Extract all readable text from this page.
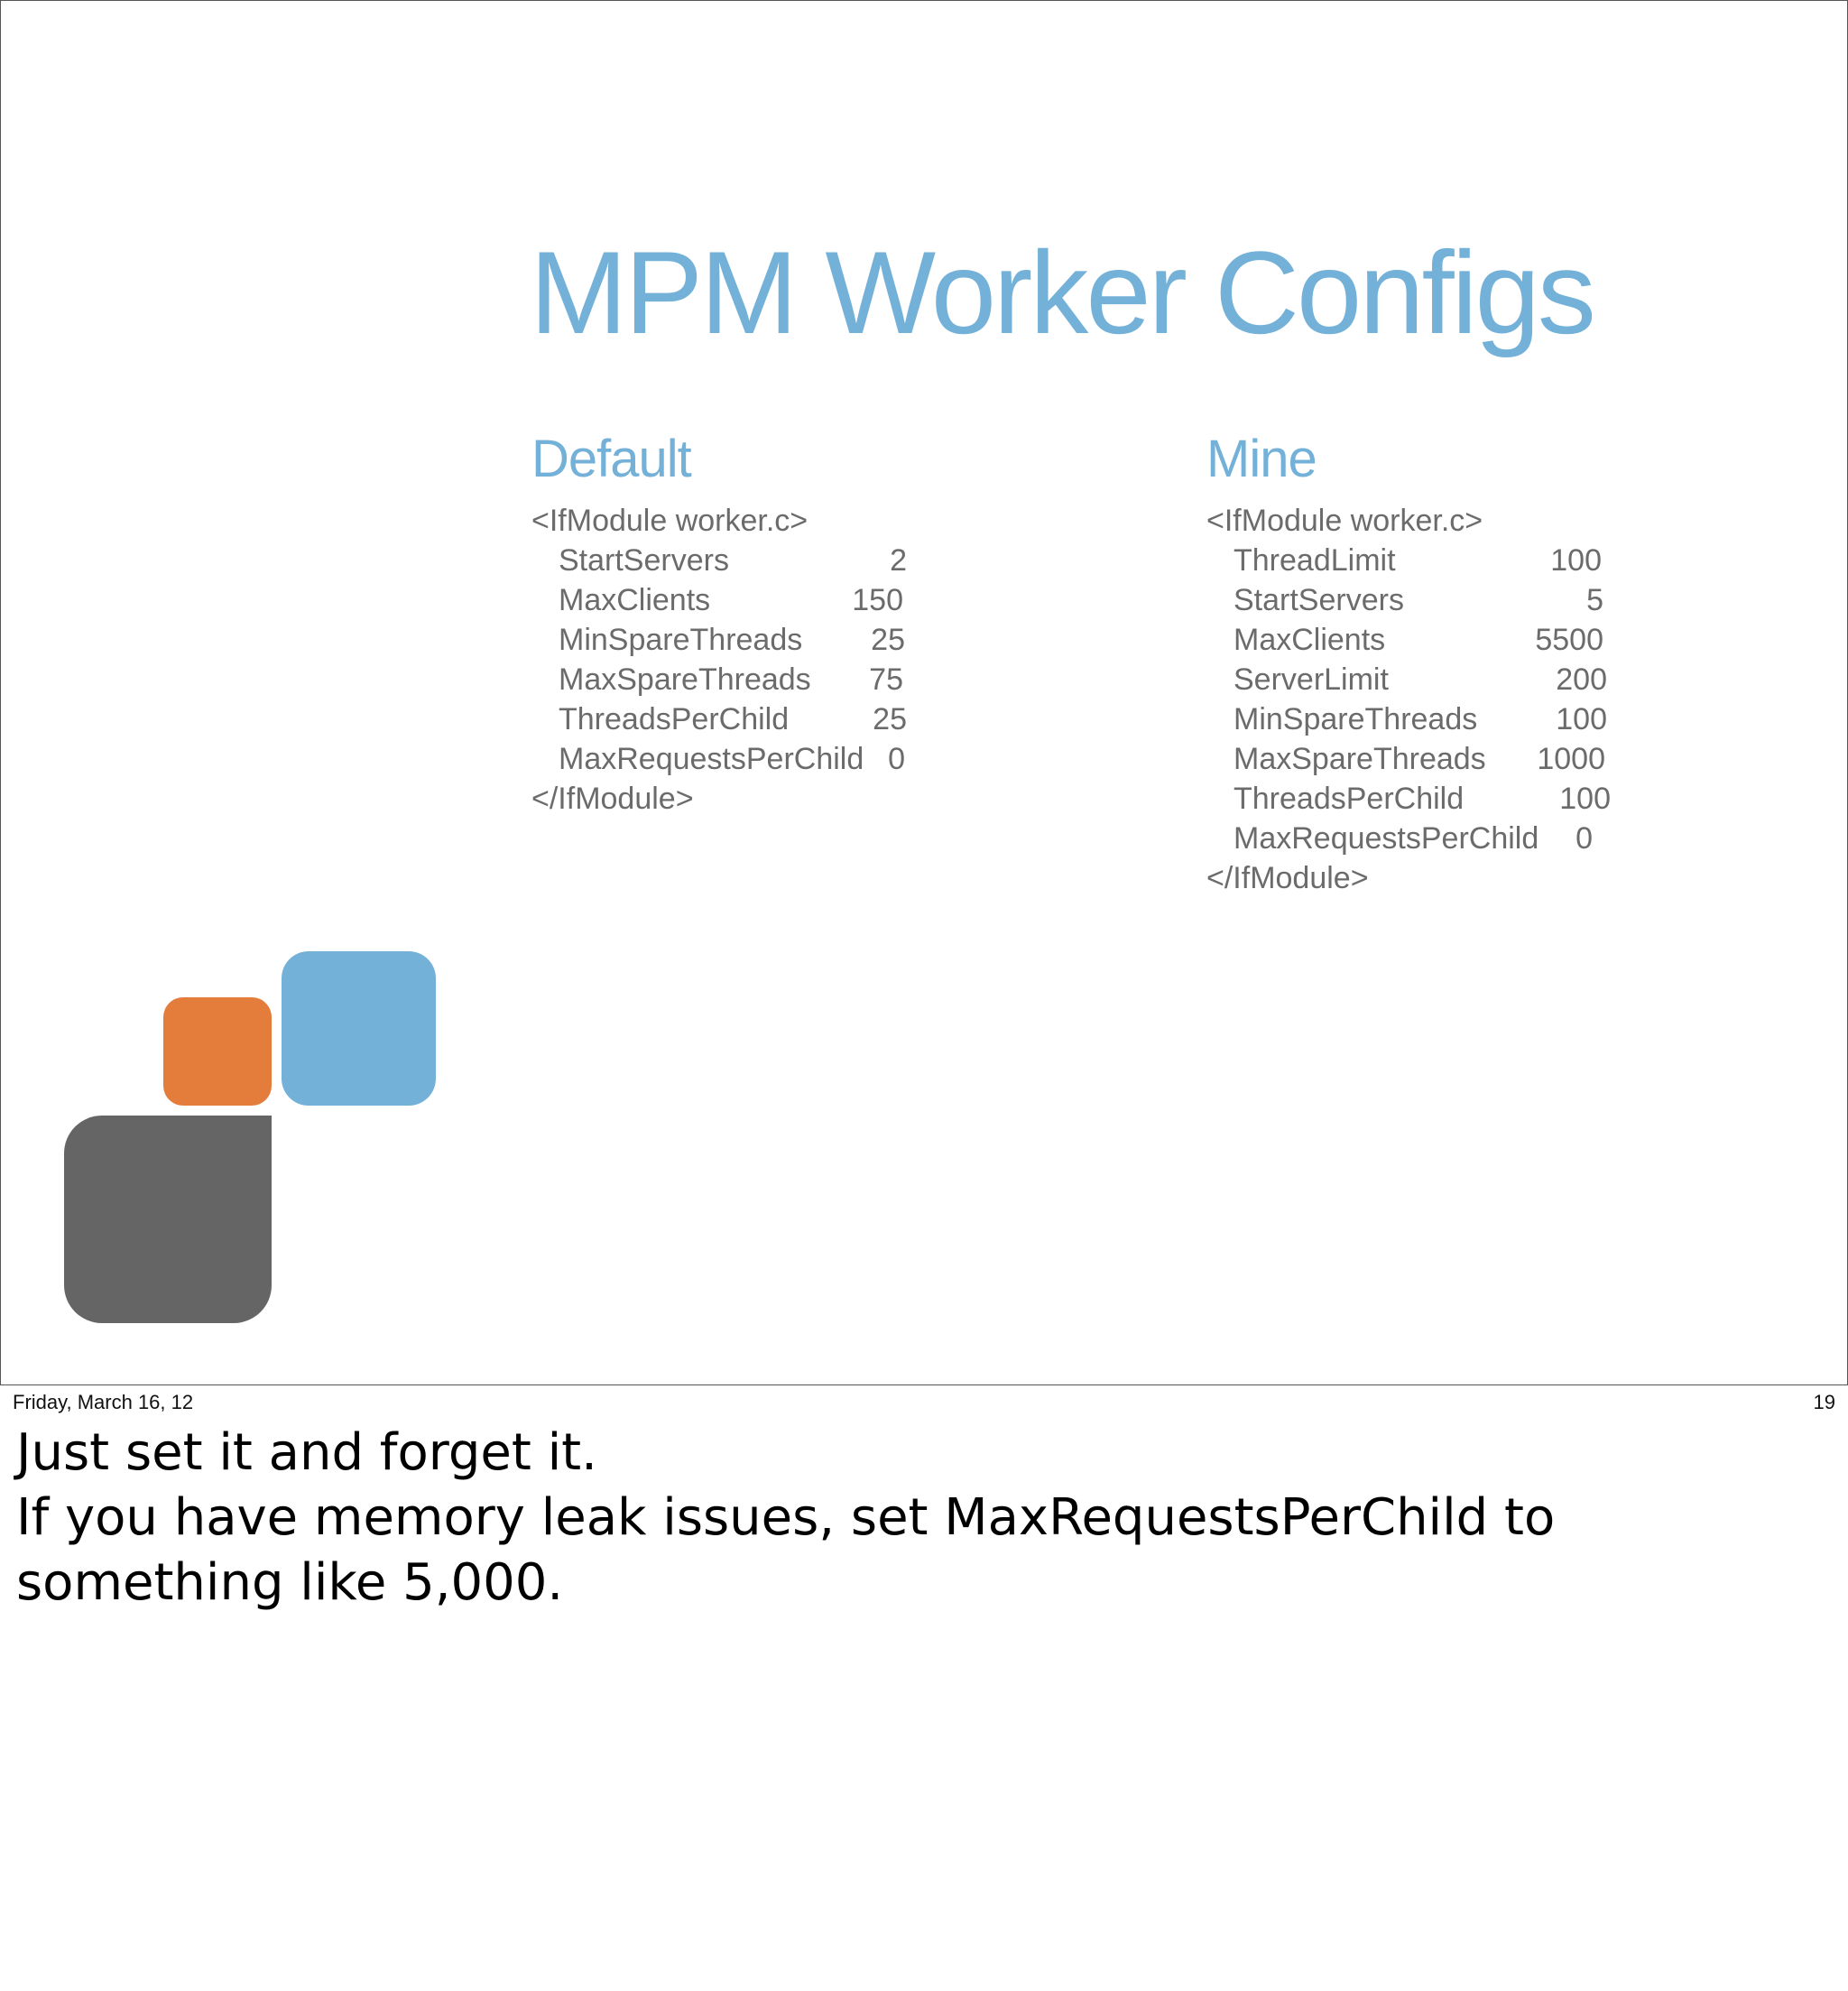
MPM Worker Configs
Default
<IfModule worker.c>
StartServers	2
MaxClients	150
MinSpareThreads 25
MaxSpareThreads 75
ThreadsPerChild	25
MaxRequestsPerChild 0
</IfModule>
Mine
<IfModule worker.c>
ThreadLimit	100
StartServers	5
MaxClients	5500
ServerLimit	200
MinSpareThreads	100
MaxSpareThreads 1000
ThreadsPerChild	100
MaxRequestsPerChild 0
</IfModule>
Friday, March 16, 12	19
Just set it and forget it.
If you have memory leak issues, set MaxRequestsPerChild to
something like 5,000.
